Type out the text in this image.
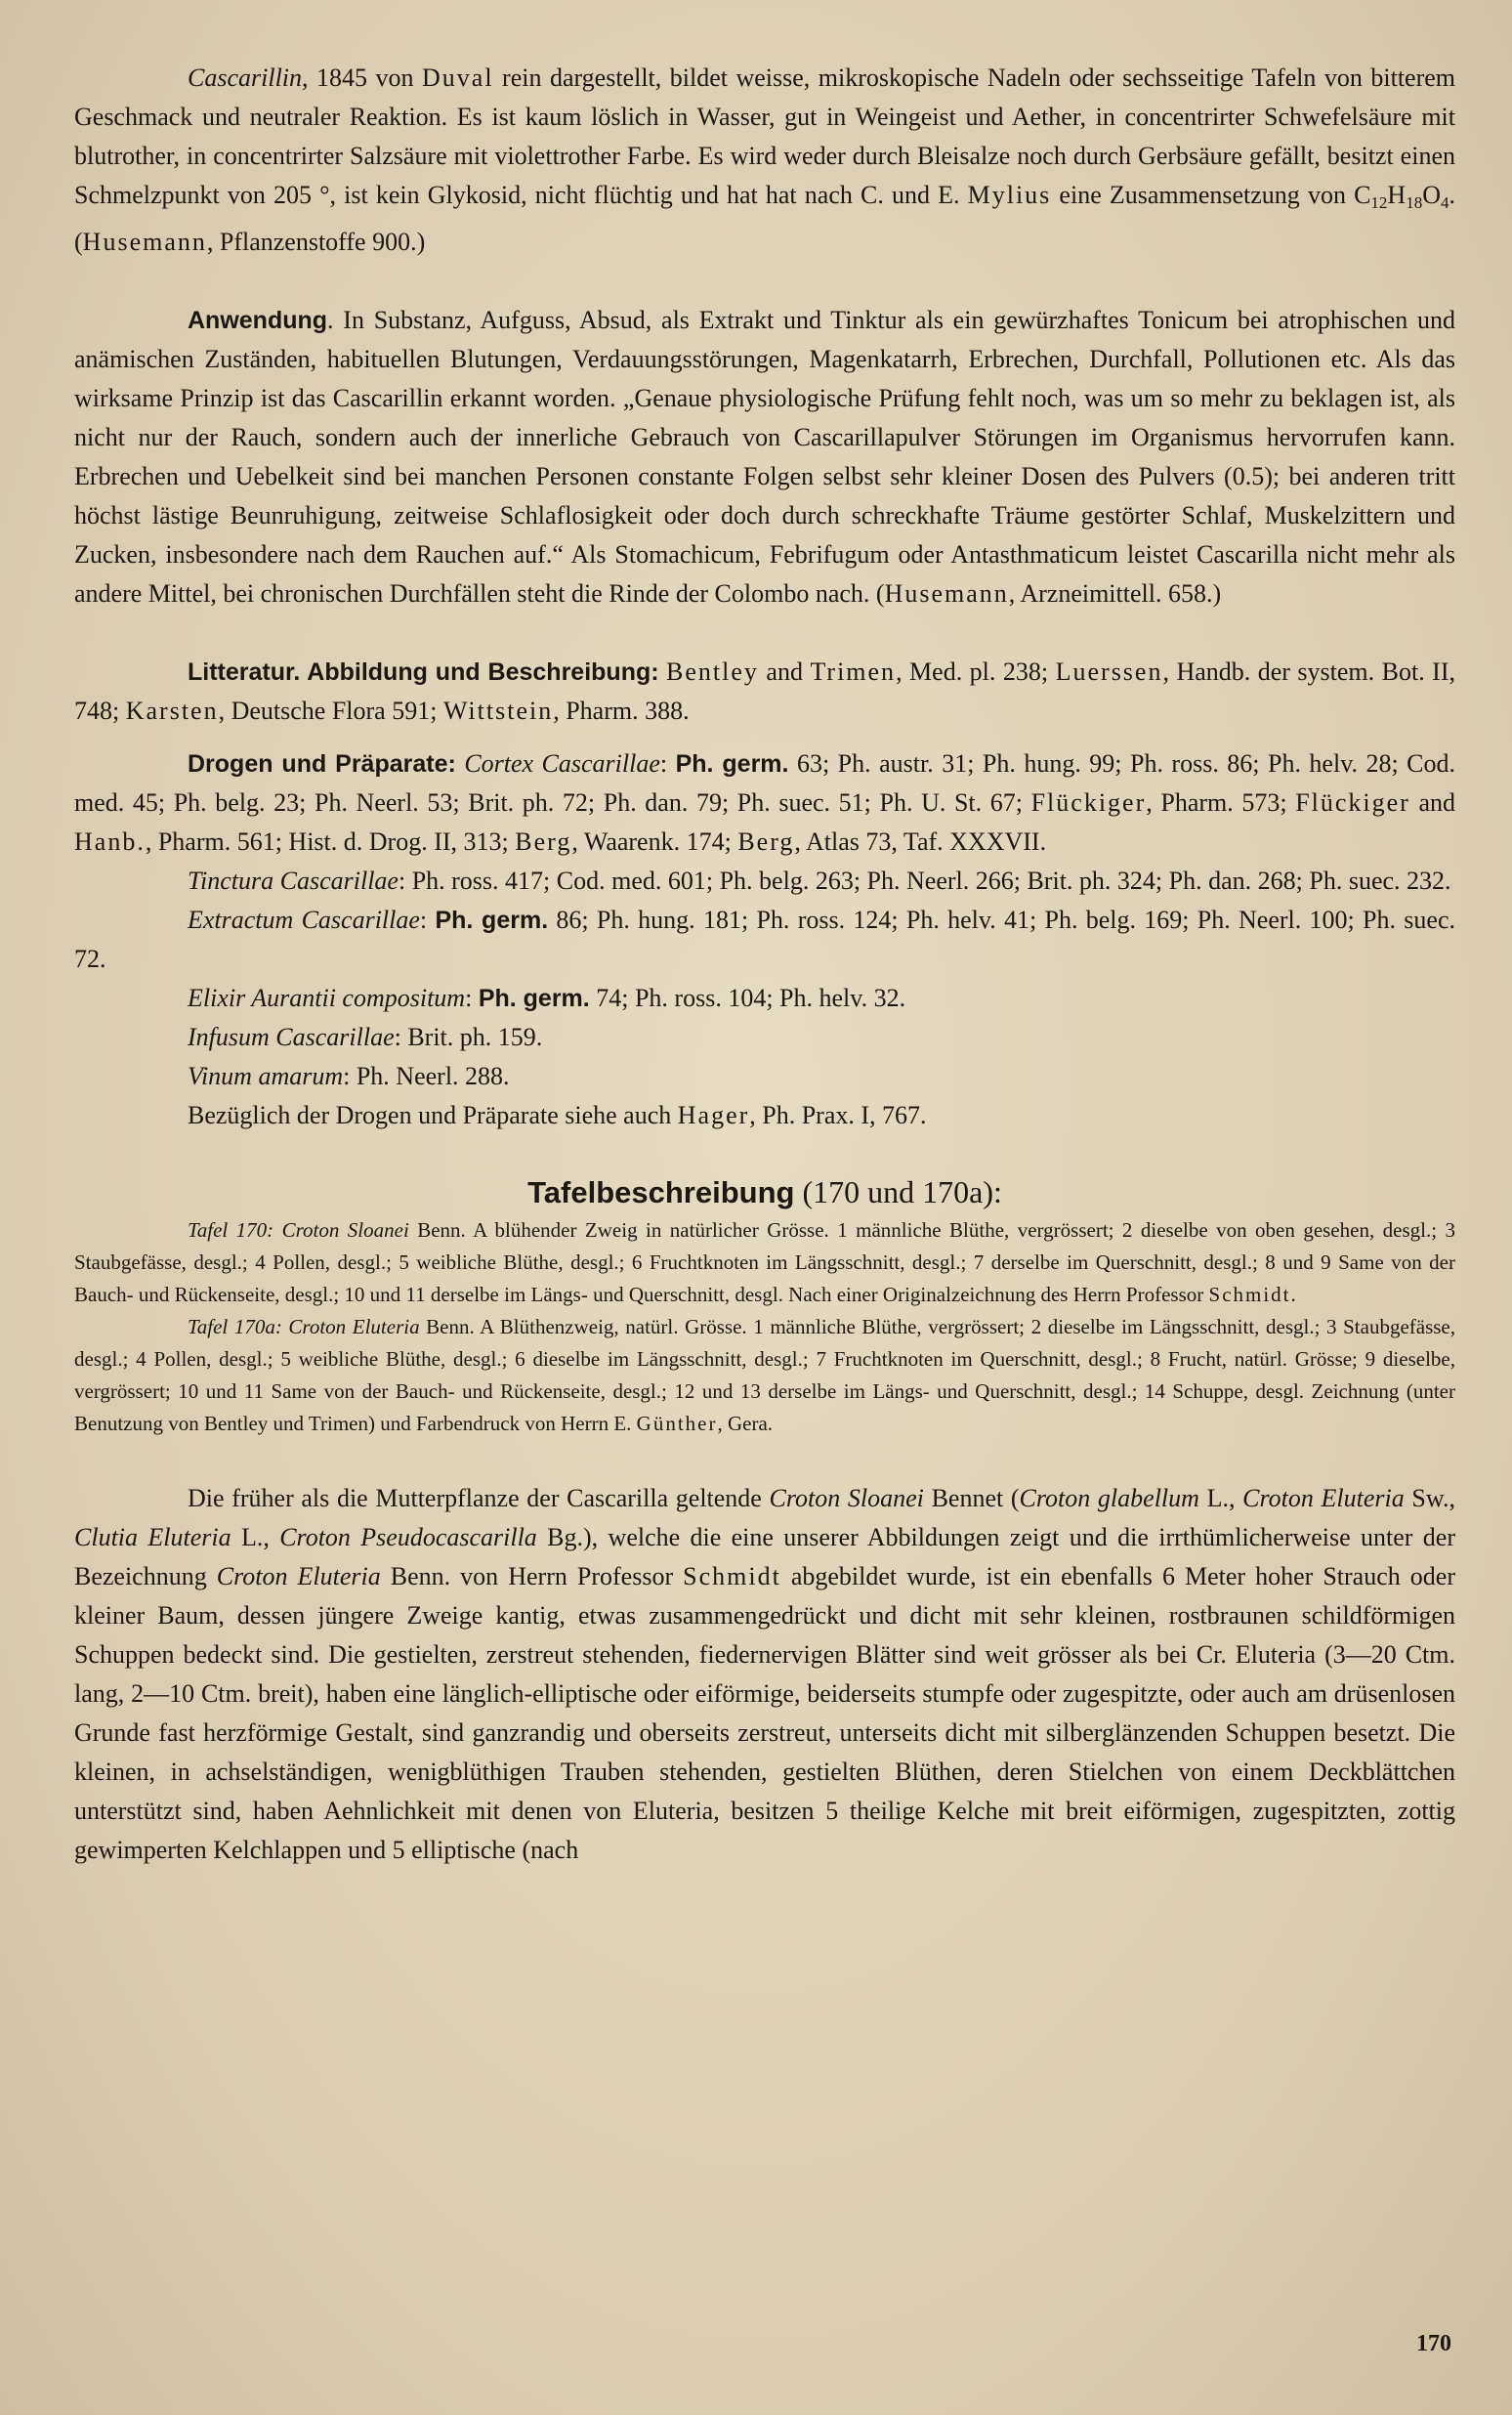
Cascarillin, 1845 von Duval rein dargestellt, bildet weisse, mikroskopische Nadeln oder sechsseitige Tafeln von bitterem Geschmack und neutraler Reaktion. Es ist kaum löslich in Wasser, gut in Weingeist und Aether, in concentrirter Schwefelsäure mit blutrother, in concentrirter Salzsäure mit violettrother Farbe. Es wird weder durch Bleisalze noch durch Gerbsäure gefällt, besitzt einen Schmelzpunkt von 205 °, ist kein Glykosid, nicht flüchtig und hat hat nach C. und E. Mylius eine Zusammensetzung von $C_{12}H_{18}O_4$. (Husemann, Pflanzenstoffe 900.)

Anwendung. In Substanz, Aufguss, Absud, als Extrakt und Tinktur als ein gewürzhaftes Tonicum bei atrophischen und anämischen Zuständen, habituellen Blutungen, Verdauungsstörungen, Magenkatarrh, Erbrechen, Durchfall, Pollutionen etc. Als das wirksame Prinzip ist das Cascarillin erkannt worden. „Genaue physiologische Prüfung fehlt noch, was um so mehr zu beklagen ist, als nicht nur der Rauch, sondern auch der innerliche Gebrauch von Cascarillapulver Störungen im Organismus hervorrufen kann. Erbrechen und Uebelkeit sind bei manchen Personen constante Folgen selbst sehr kleiner Dosen des Pulvers (0.5); bei anderen tritt höchst lästige Beunruhigung, zeitweise Schlaflosigkeit oder doch durch schreckhafte Träume gestörter Schlaf, Muskelzittern und Zucken, insbesondere nach dem Rauchen auf.“ Als Stomachicum, Febrifugum oder Antasthmaticum leistet Cascarilla nicht mehr als andere Mittel, bei chronischen Durchfällen steht die Rinde der Colombo nach. (Husemann, Arzneimittell. 658.)

Litteratur. Abbildung und Beschreibung: Bentley and Trimen, Med. pl. 238; Luerssen, Handb. der system. Bot. II, 748; Karsten, Deutsche Flora 591; Wittstein, Pharm. 388.

Drogen und Präparate: Cortex Cascarillae: Ph. germ. 63; Ph. austr. 31; Ph. hung. 99; Ph. ross. 86; Ph. helv. 28; Cod. med. 45; Ph. belg. 23; Ph. Neerl. 53; Brit. ph. 72; Ph. dan. 79; Ph. suec. 51; Ph. U. St. 67; Flückiger, Pharm. 573; Flückiger and Hanb., Pharm. 561; Hist. d. Drog. II, 313; Berg, Waarenk. 174; Berg, Atlas 73, Taf. XXXVII.

Tinctura Cascarillae: Ph. ross. 417; Cod. med. 601; Ph. belg. 263; Ph. Neerl. 266; Brit. ph. 324; Ph. dan. 268; Ph. suec. 232.

Extractum Cascarillae: Ph. germ. 86; Ph. hung. 181; Ph. ross. 124; Ph. helv. 41; Ph. belg. 169; Ph. Neerl. 100; Ph. suec. 72.

Elixir Aurantii compositum: Ph. germ. 74; Ph. ross. 104; Ph. helv. 32.

Infusum Cascarillae: Brit. ph. 159.

Vinum amarum: Ph. Neerl. 288.

Bezüglich der Drogen und Präparate siehe auch Hager, Ph. Prax. I, 767.

Tafelbeschreibung (170 und 170a):

Tafel 170: Croton Sloanei Benn. A blühender Zweig in natürlicher Grösse. 1 männliche Blüthe, vergrössert; 2 dieselbe von oben gesehen, desgl.; 3 Staubgefässe, desgl.; 4 Pollen, desgl.; 5 weibliche Blüthe, desgl.; 6 Fruchtknoten im Längsschnitt, desgl.; 7 derselbe im Querschnitt, desgl.; 8 und 9 Same von der Bauch- und Rückenseite, desgl.; 10 und 11 derselbe im Längs- und Querschnitt, desgl. Nach einer Originalzeichnung des Herrn Professor Schmidt.

Tafel 170a: Croton Eluteria Benn. A Blüthenzweig, natürl. Grösse. 1 männliche Blüthe, vergrössert; 2 dieselbe im Längsschnitt, desgl.; 3 Staubgefässe, desgl.; 4 Pollen, desgl.; 5 weibliche Blüthe, desgl.; 6 dieselbe im Längsschnitt, desgl.; 7 Fruchtknoten im Querschnitt, desgl.; 8 Frucht, natürl. Grösse; 9 dieselbe, vergrössert; 10 und 11 Same von der Bauch- und Rückenseite, desgl.; 12 und 13 derselbe im Längs- und Querschnitt, desgl.; 14 Schuppe, desgl. Zeichnung (unter Benutzung von Bentley und Trimen) und Farbendruck von Herrn E. Günther, Gera.

Die früher als die Mutterpflanze der Cascarilla geltende Croton Sloanei Bennet (Croton glabellum L., Croton Eluteria Sw., Clutia Eluteria L., Croton Pseudocascarilla Bg.), welche die eine unserer Abbildungen zeigt und die irrthümlicherweise unter der Bezeichnung Croton Eluteria Benn. von Herrn Professor Schmidt abgebildet wurde, ist ein ebenfalls 6 Meter hoher Strauch oder kleiner Baum, dessen jüngere Zweige kantig, etwas zusammengedrückt und dicht mit sehr kleinen, rostbraunen schildförmigen Schuppen bedeckt sind. Die gestielten, zerstreut stehenden, fiedernervigen Blätter sind weit grösser als bei Cr. Eluteria (3—20 Ctm. lang, 2—10 Ctm. breit), haben eine länglich-elliptische oder eiförmige, beiderseits stumpfe oder zugespitzte, oder auch am drüsenlosen Grunde fast herzförmige Gestalt, sind ganzrandig und oberseits zerstreut, unterseits dicht mit silberglänzenden Schuppen besetzt. Die kleinen, in achselständigen, wenigblüthigen Trauben stehenden, gestielten Blüthen, deren Stielchen von einem Deckblättchen unterstützt sind, haben Aehnlichkeit mit denen von Eluteria, besitzen 5 theilige Kelche mit breit eiförmigen, zugespitzten, zottig gewimperten Kelchlappen und 5 elliptische (nach

170
